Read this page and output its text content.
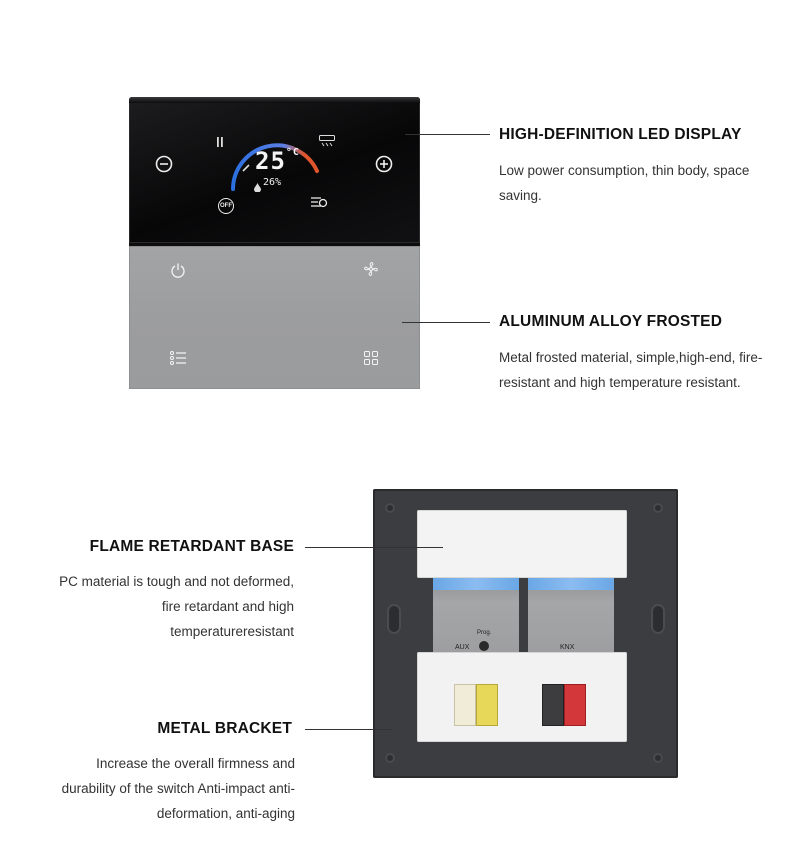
$25^{^\circ C}$
26%
OFF
HIGH-DEFINITION LED DISPLAY
Low power consumption, thin body, space saving.
ALUMINUM ALLOY FROSTED
Metal frosted material, simple,high-end, fire-resistant and high temperature resistant.
AUX
Prog.
KNX
FLAME RETARDANT BASE
PC material is tough and not deformed, fire retardant and high temperatureresistant
METAL BRACKET
Increase the overall firmness and durability of the switch Anti-impact anti-deformation, anti-aging
